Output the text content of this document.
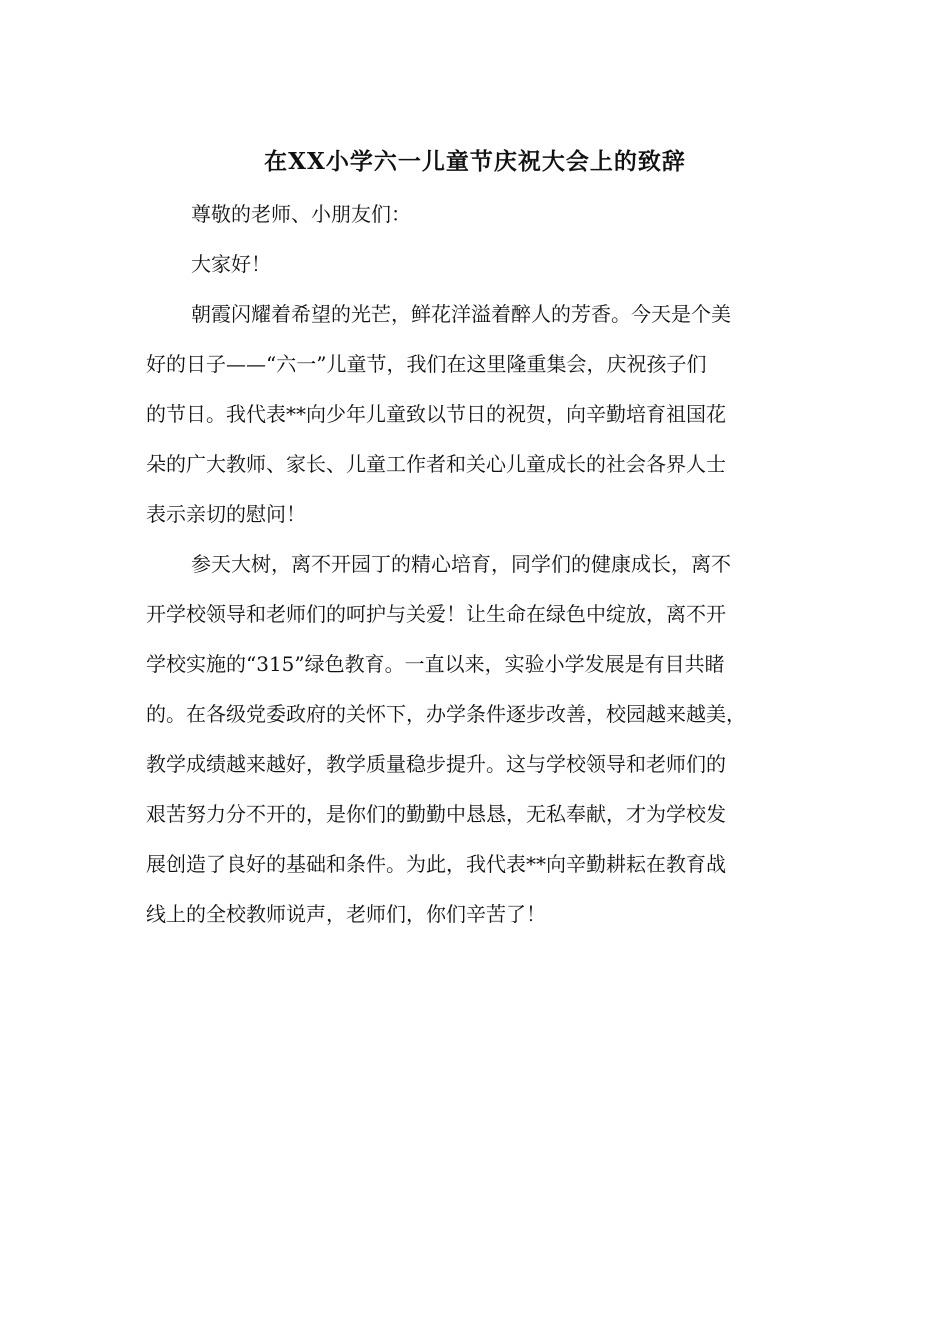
在XX小学六一儿童节庆祝大会上的致辞
尊敬的老师、小朋友们：
大家好！
朝霞闪耀着希望的光芒，鲜花洋溢着醉人的芳香。今天是个美
好的日子——“六一”儿童节，我们在这里隆重集会，庆祝孩子们
的节日。我代表**向少年儿童致以节日的祝贺，向辛勤培育祖国花
朵的广大教师、家长、儿童工作者和关心儿童成长的社会各界人士
表示亲切的慰问！
参天大树，离不开园丁的精心培育，同学们的健康成长，离不
开学校领导和老师们的呵护与关爱！让生命在绿色中绽放，离不开
学校实施的“315”绿色教育。一直以来，实验小学发展是有目共睹
的。在各级党委政府的关怀下，办学条件逐步改善，校园越来越美，
教学成绩越来越好，教学质量稳步提升。这与学校领导和老师们的
艰苦努力分不开的，是你们的勤勤中恳恳，无私奉献，才为学校发
展创造了良好的基础和条件。为此，我代表**向辛勤耕耘在教育战
线上的全校教师说声，老师们，你们辛苦了！
